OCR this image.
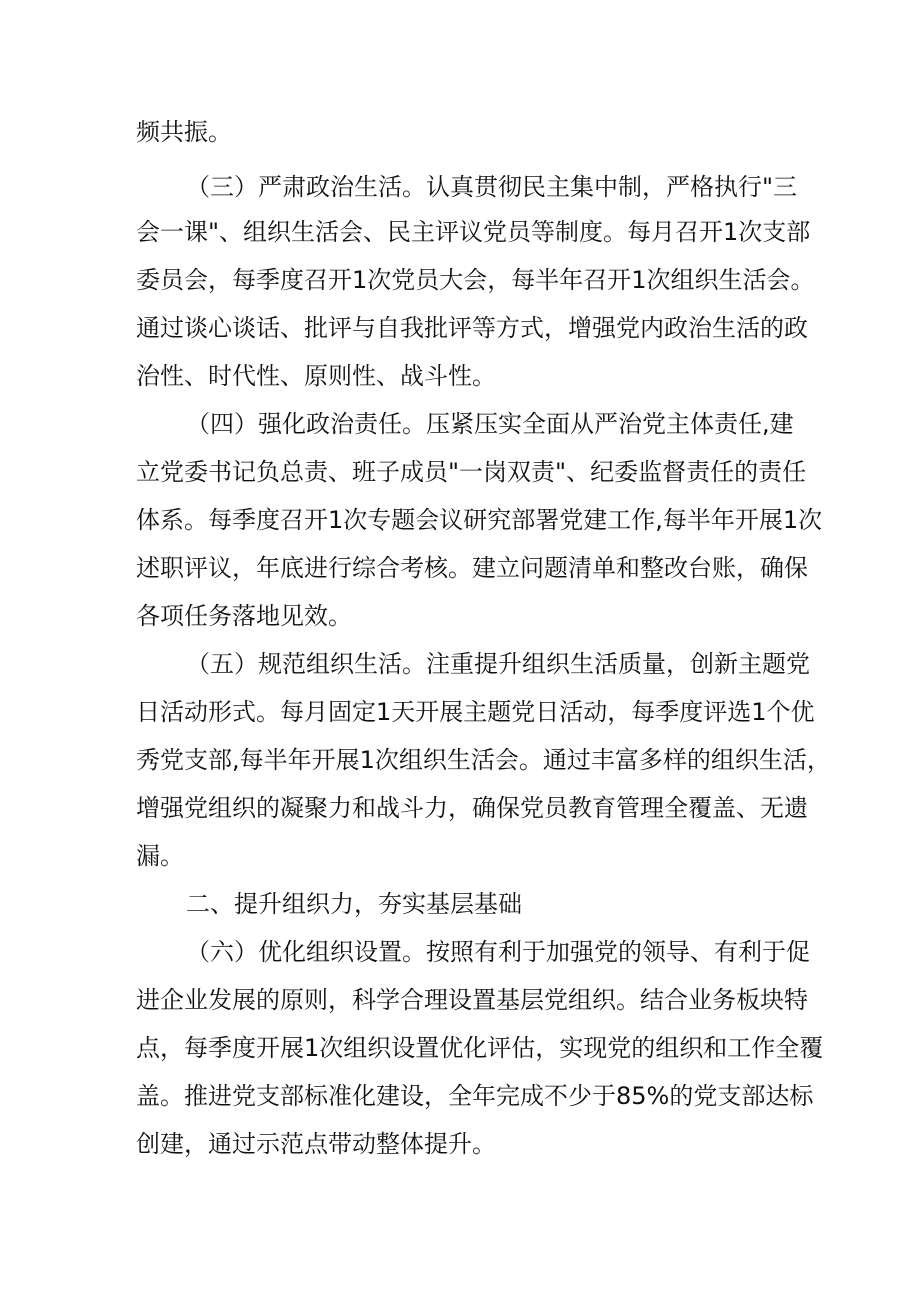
频共振。
（三）严肃政治生活。认真贯彻民主集中制，严格执行"三
会一课"、组织生活会、民主评议党员等制度。每月召开1次支部
委员会，每季度召开1次党员大会，每半年召开1次组织生活会。
通过谈心谈话、批评与自我批评等方式，增强党内政治生活的政
治性、时代性、原则性、战斗性。
（四）强化政治责任。压紧压实全面从严治党主体责任,建
立党委书记负总责、班子成员"一岗双责"、纪委监督责任的责任
体系。每季度召开1次专题会议研究部署党建工作,每半年开展1次
述职评议，年底进行综合考核。建立问题清单和整改台账，确保
各项任务落地见效。
（五）规范组织生活。注重提升组织生活质量，创新主题党
日活动形式。每月固定1天开展主题党日活动，每季度评选1个优
秀党支部,每半年开展1次组织生活会。通过丰富多样的组织生活，
增强党组织的凝聚力和战斗力，确保党员教育管理全覆盖、无遗
漏。
二、提升组织力，夯实基层基础
（六）优化组织设置。按照有利于加强党的领导、有利于促
进企业发展的原则，科学合理设置基层党组织。结合业务板块特
点，每季度开展1次组织设置优化评估，实现党的组织和工作全覆
盖。推进党支部标准化建设，全年完成不少于85%的党支部达标
创建，通过示范点带动整体提升。
